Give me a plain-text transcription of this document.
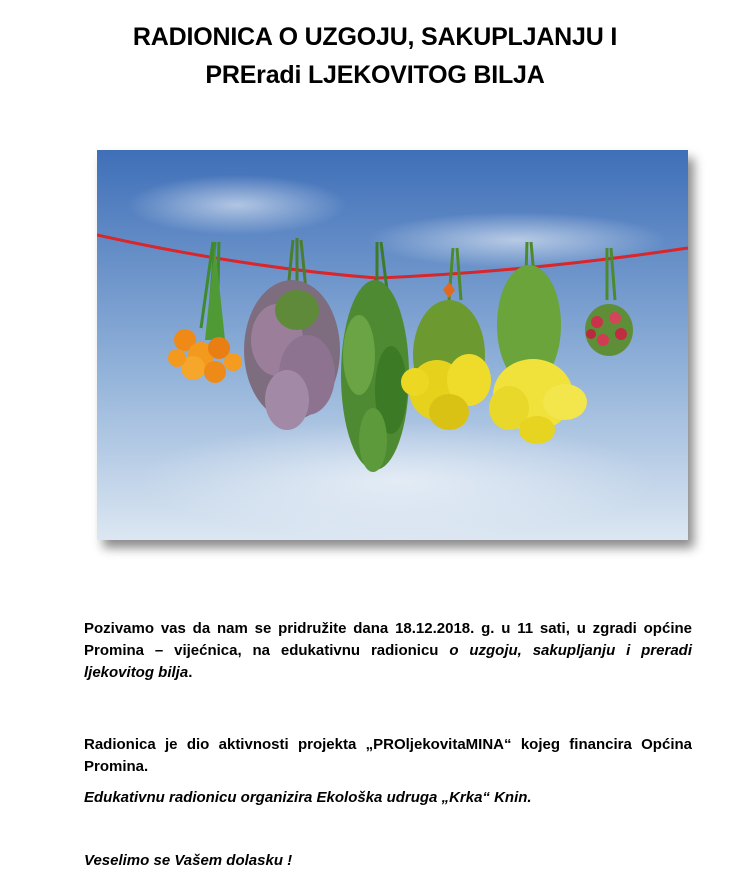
RADIONICA O UZGOJU, SAKUPLJANJU I
PREradi LJEKOVITOG BILJA
Pozivamo vas da nam se pridružite dana 18.12.2018. g. u 11 sati, u zgradi općine Promina – vijećnica, na edukativnu radionicu o uzgoju, sakupljanju i preradi ljekovitog bilja.
Radionica je dio aktivnosti projekta „PROljekovitaMINA“ kojeg financira Općina Promina.
Edukativnu radionicu organizira Ekološka udruga „Krka“ Knin.
Veselimo se Vašem dolasku !
